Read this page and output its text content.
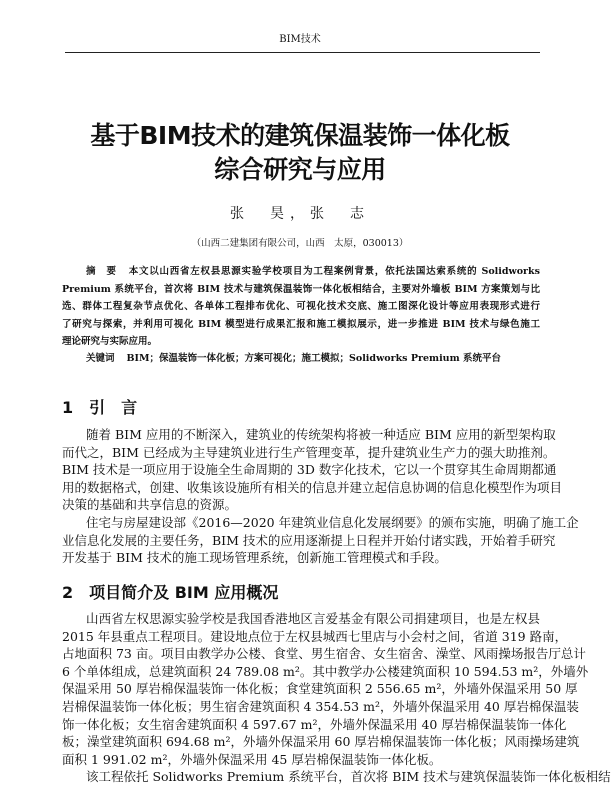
BIM技术
基于BIM技术的建筑保温装饰一体化板
综合研究与应用
张　昊，张　志
（山西二建集团有限公司，山西　太原，030013）
摘　要 本文以山西省左权县思源实验学校项目为工程案例背景，依托法国达索系统的 Solidworks
Premium 系统平台，首次将 BIM 技术与建筑保温装饰一体化板相结合，主要对外墙板 BIM 方案策划与比
选、群体工程复杂节点优化、各单体工程排布优化、可视化技术交底、施工图深化设计等应用表现形式进行
了研究与探索，并利用可视化 BIM 模型进行成果汇报和施工模拟展示，进一步推进 BIM 技术与绿色施工
理论研究与实际应用。
关键词 BIM；保温装饰一体化板；方案可视化；施工模拟；Solidworks Premium 系统平台
1　引　言
随着 BIM 应用的不断深入，建筑业的传统架构将被一种适应 BIM 应用的新型架构取
而代之，BIM 已经成为主导建筑业进行生产管理变革，提升建筑业生产力的强大助推剂。
BIM 技术是一项应用于设施全生命周期的 3D 数字化技术，它以一个贯穿其生命周期都通
用的数据格式，创建、收集该设施所有相关的信息并建立起信息协调的信息化模型作为项目
决策的基础和共享信息的资源。
住宅与房屋建设部《2016—2020 年建筑业信息化发展纲要》的颁布实施，明确了施工企
业信息化发展的主要任务，BIM 技术的应用逐渐提上日程并开始付诸实践，开始着手研究
开发基于 BIM 技术的施工现场管理系统，创新施工管理模式和手段。
2　项目简介及 BIM 应用概况
山西省左权思源实验学校是我国香港地区言爱基金有限公司捐建项目，也是左权县
2015 年县重点工程项目。建设地点位于左权县城西七里店与小会村之间，省道 319 路南，
占地面积 73 亩。项目由教学办公楼、食堂、男生宿舍、女生宿舍、澡堂、风雨操场报告厅总计
6 个单体组成，总建筑面积 24 789.08 m²。其中教学办公楼建筑面积 10 594.53 m²，外墙外
保温采用 50 厚岩棉保温装饰一体化板；食堂建筑面积 2 556.65 m²，外墙外保温采用 50 厚
岩棉保温装饰一体化板；男生宿舍建筑面积 4 354.53 m²，外墙外保温采用 40 厚岩棉保温装
饰一体化板；女生宿舍建筑面积 4 597.67 m²，外墙外保温采用 40 厚岩棉保温装饰一体化
板；澡堂建筑面积 694.68 m²，外墙外保温采用 60 厚岩棉保温装饰一体化板；风雨操场建筑
面积 1 991.02 m²，外墙外保温采用 45 厚岩棉保温装饰一体化板。
该工程依托 Solidworks Premium 系统平台，首次将 BIM 技术与建筑保温装饰一体化板相结
